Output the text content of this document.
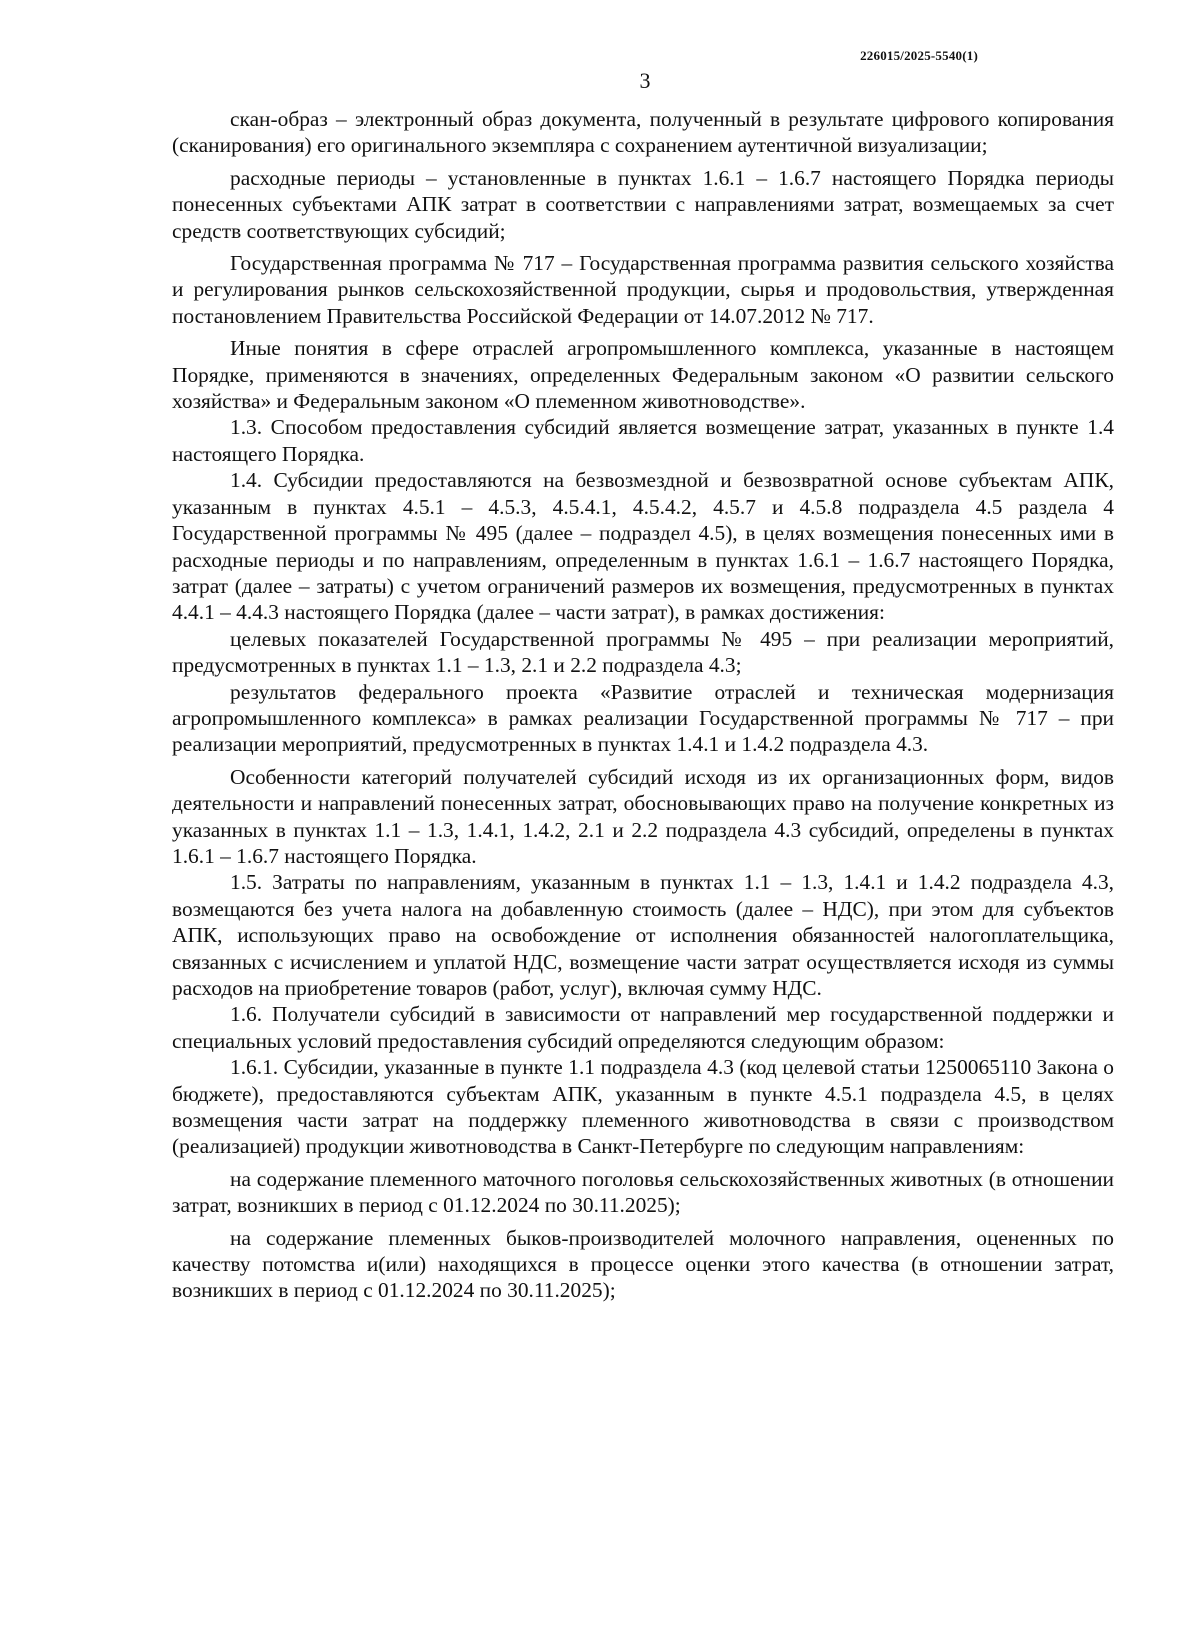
226015/2025-5540(1)
3

скан-образ – электронный образ документа, полученный в результате цифрового копирования (сканирования) его оригинального экземпляра с сохранением аутентичной визуализации;

расходные периоды – установленные в пунктах 1.6.1 – 1.6.7 настоящего Порядка периоды понесенных субъектами АПК затрат в соответствии с направлениями затрат, возмещаемых за счет средств соответствующих субсидий;

Государственная программа № 717 – Государственная программа развития сельского хозяйства и регулирования рынков сельскохозяйственной продукции, сырья и продовольствия, утвержденная постановлением Правительства Российской Федерации от 14.07.2012 № 717.

Иные понятия в сфере отраслей агропромышленного комплекса, указанные в настоящем Порядке, применяются в значениях, определенных Федеральным законом «О развитии сельского хозяйства» и Федеральным законом «О племенном животноводстве».

1.3. Способом предоставления субсидий является возмещение затрат, указанных в пункте 1.4 настоящего Порядка.

1.4. Субсидии предоставляются на безвозмездной и безвозвратной основе субъектам АПК, указанным в пунктах 4.5.1 – 4.5.3, 4.5.4.1, 4.5.4.2, 4.5.7 и 4.5.8 подраздела 4.5 раздела 4 Государственной программы № 495 (далее – подраздел 4.5), в целях возмещения понесенных ими в расходные периоды и по направлениям, определенным в пунктах 1.6.1 – 1.6.7 настоящего Порядка, затрат (далее – затраты) с учетом ограничений размеров их возмещения, предусмотренных в пунктах 4.4.1 – 4.4.3 настоящего Порядка (далее – части затрат), в рамках достижения:

целевых показателей Государственной программы № 495 – при реализации мероприятий, предусмотренных в пунктах 1.1 – 1.3, 2.1 и 2.2 подраздела 4.3;

результатов федерального проекта «Развитие отраслей и техническая модернизация агропромышленного комплекса» в рамках реализации Государственной программы № 717 – при реализации мероприятий, предусмотренных в пунктах 1.4.1 и 1.4.2 подраздела 4.3.

Особенности категорий получателей субсидий исходя из их организационных форм, видов деятельности и направлений понесенных затрат, обосновывающих право на получение конкретных из указанных в пунктах 1.1 – 1.3, 1.4.1, 1.4.2, 2.1 и 2.2 подраздела 4.3 субсидий, определены в пунктах 1.6.1 – 1.6.7 настоящего Порядка.

1.5. Затраты по направлениям, указанным в пунктах 1.1 – 1.3, 1.4.1 и 1.4.2 подраздела 4.3, возмещаются без учета налога на добавленную стоимость (далее – НДС), при этом для субъектов АПК, использующих право на освобождение от исполнения обязанностей налогоплательщика, связанных с исчислением и уплатой НДС, возмещение части затрат осуществляется исходя из суммы расходов на приобретение товаров (работ, услуг), включая сумму НДС.

1.6. Получатели субсидий в зависимости от направлений мер государственной поддержки и специальных условий предоставления субсидий определяются следующим образом:

1.6.1. Субсидии, указанные в пункте 1.1 подраздела 4.3 (код целевой статьи 1250065110 Закона о бюджете), предоставляются субъектам АПК, указанным в пункте 4.5.1 подраздела 4.5, в целях возмещения части затрат на поддержку племенного животноводства в связи с производством (реализацией) продукции животноводства в Санкт-Петербурге по следующим направлениям:

на содержание племенного маточного поголовья сельскохозяйственных животных (в отношении затрат, возникших в период с 01.12.2024 по 30.11.2025);

на содержание племенных быков-производителей молочного направления, оцененных по качеству потомства и(или) находящихся в процессе оценки этого качества (в отношении затрат, возникших в период с 01.12.2024 по 30.11.2025);
